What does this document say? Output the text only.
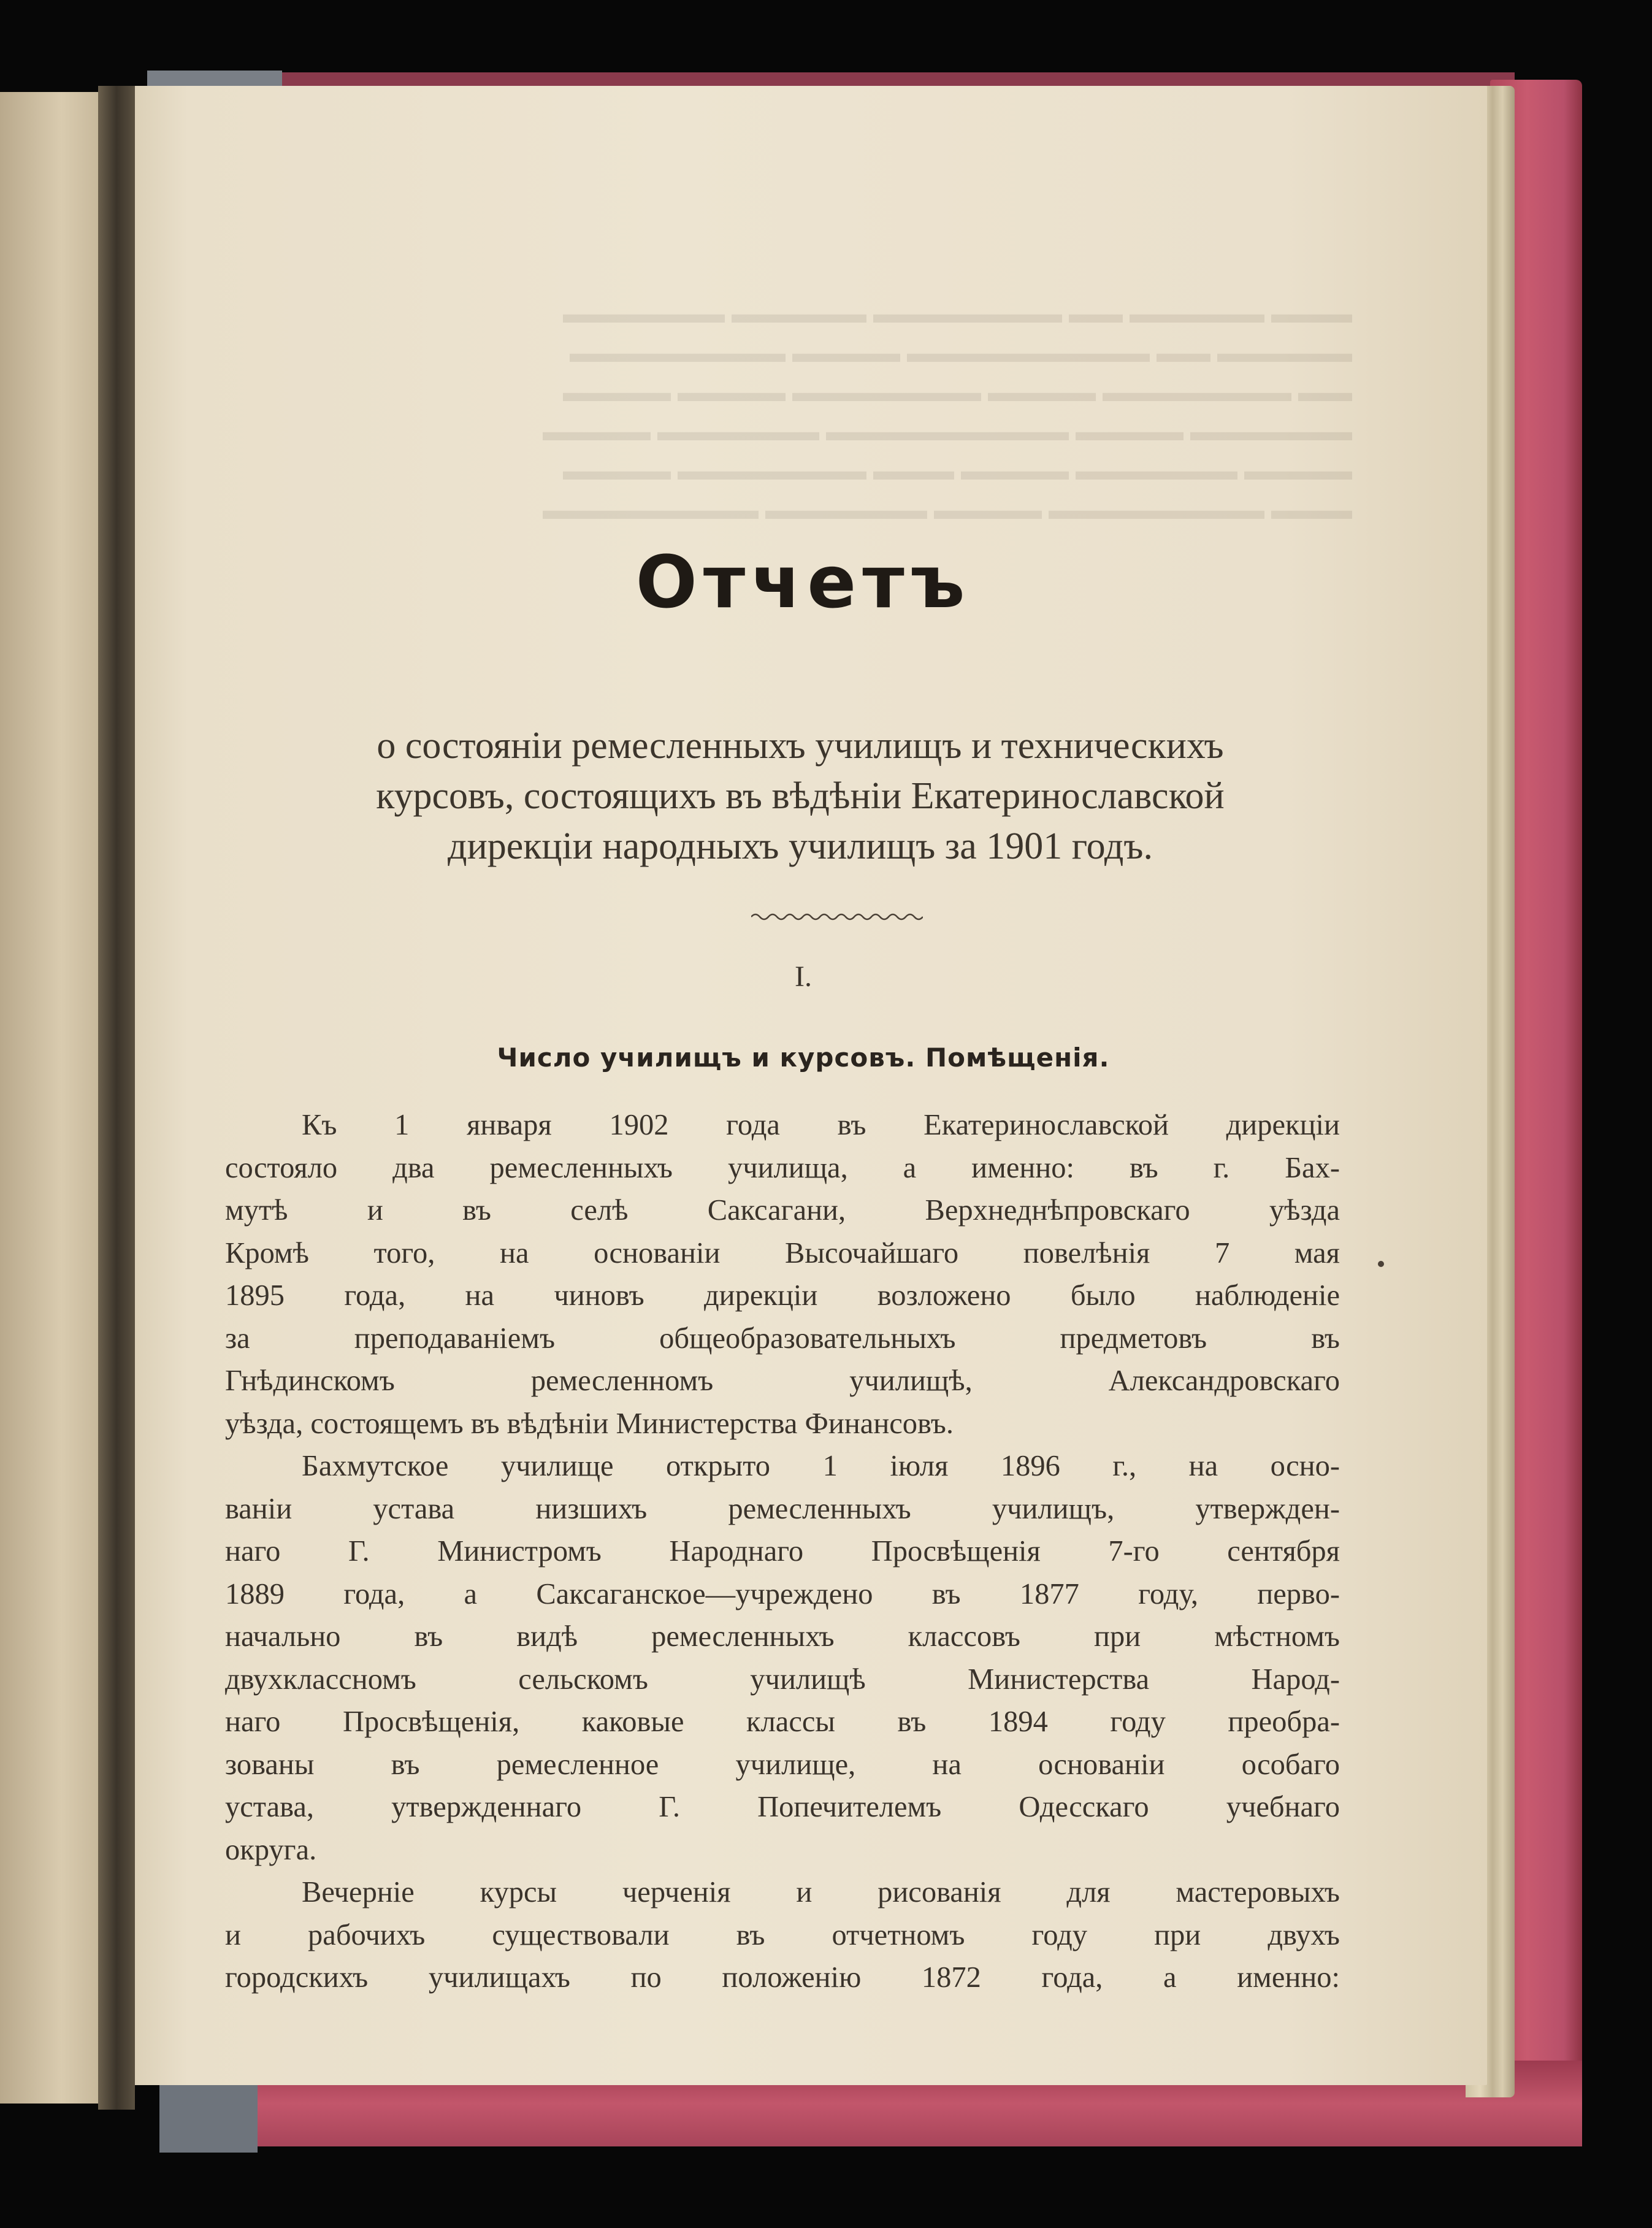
▬▬▬ ▬▬▬▬▬ ▬▬ ▬▬▬▬▬▬▬ ▬▬▬▬▬ ▬▬▬▬▬▬
▬▬▬▬▬ ▬▬ ▬▬▬▬▬▬▬▬▬ ▬▬▬▬ ▬▬▬▬▬▬▬▬
▬▬ ▬▬▬▬▬▬▬ ▬▬▬▬ ▬▬▬▬▬▬▬ ▬▬▬▬ ▬▬▬▬
▬▬▬▬▬▬ ▬▬▬▬ ▬▬▬▬▬▬▬▬▬ ▬▬▬▬▬▬ ▬▬▬▬
▬▬▬▬ ▬▬▬▬▬▬ ▬▬▬▬ ▬▬▬ ▬▬▬▬▬▬▬ ▬▬▬▬
▬▬▬ ▬▬▬▬▬▬▬▬ ▬▬▬▬ ▬▬▬▬▬▬ ▬▬▬▬▬▬▬▬
Отчетъ
о состояніи ремесленныхъ училищъ и техническихъ
курсовъ, состоящихъ въ вѣдѣніи Екатеринославской
дирекціи народныхъ училищъ за 1901 годъ.
I.
Число училищъ и курсовъ. Помѣщенія.
Къ 1 января 1902 года въ Екатеринославской дирекціи
состояло два ремесленныхъ училища, а именно: въ г. Бах-
мутѣ и въ селѣ Саксагани, Верхнеднѣпровскаго уѣзда
Кромѣ того, на основаніи Высочайшаго повелѣнія 7 мая
1895 года, на чиновъ дирекціи возложено было наблюденіе
за преподаваніемъ общеобразовательныхъ предметовъ въ
Гнѣдинскомъ ремесленномъ училищѣ, Александровскаго
уѣзда, состоящемъ въ вѣдѣніи Министерства Финансовъ.
Бахмутское училище открыто 1 іюля 1896 г., на осно-
ваніи устава низшихъ ремесленныхъ училищъ, утвержден-
наго Г. Министромъ Народнаго Просвѣщенія 7-го сентября
1889 года, а Саксаганское—учреждено въ 1877 году, перво-
начально въ видѣ ремесленныхъ классовъ при мѣстномъ
двухклассномъ сельскомъ училищѣ Министерства Народ-
наго Просвѣщенія, каковые классы въ 1894 году преобра-
зованы въ ремесленное училище, на основаніи особаго
устава, утвержденнаго Г. Попечителемъ Одесскаго учебнаго
округа.
Вечерніе курсы черченія и рисованія для мастеровыхъ
и рабочихъ существовали въ отчетномъ году при двухъ
городскихъ училищахъ по положенію 1872 года, а именно:
